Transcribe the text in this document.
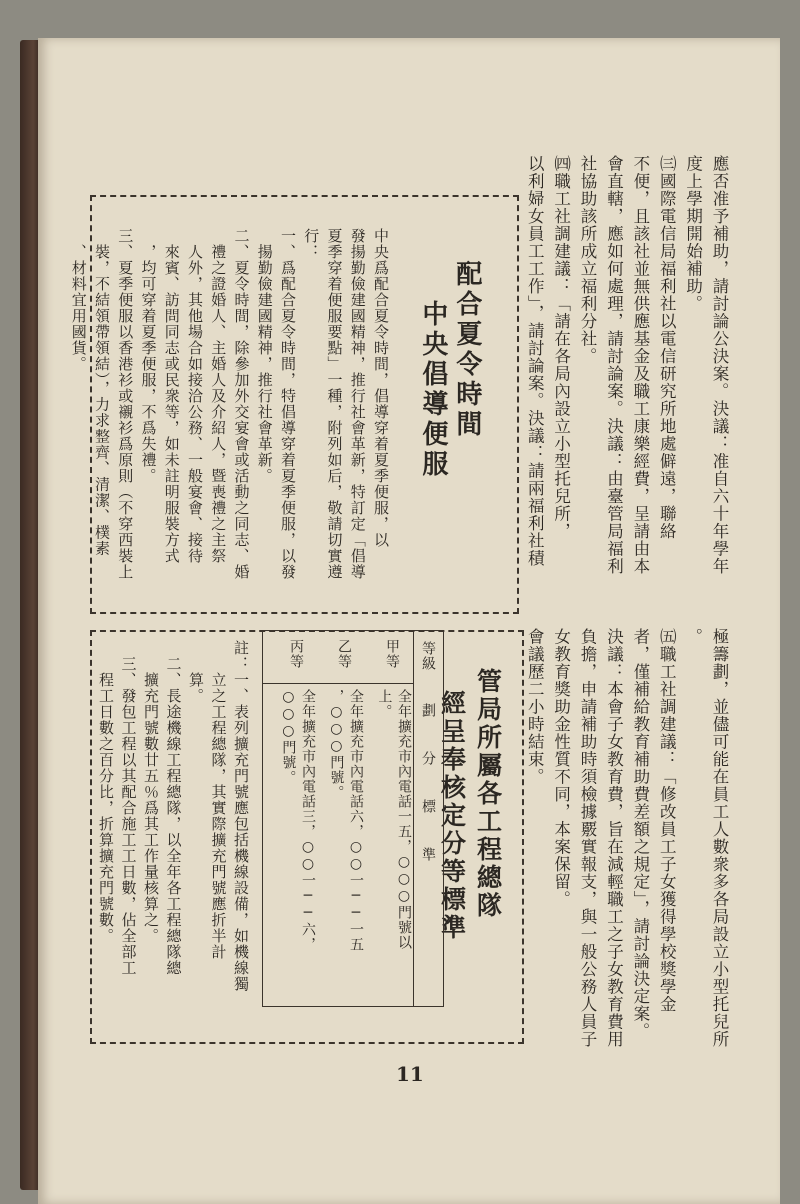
應否准予補助，請討論公決案。決議：准自六十年學年
度上學期開始補助。
㈢國際電信局福利社以電信研究所地處僻遠，聯絡
不便，且該社並無供應基金及職工康樂經費，呈請由本
會直轄，應如何處理，請討論案。決議：由臺管局福利
社協助該所成立福利分社。
㈣職工社調建議：「請在各局內設立小型托兒所，
以利婦女員工工作」，請討論案。決議：請兩福利社積
極籌劃，並儘可能在員工人數衆多各局設立小型托兒所
。
㈤職工社調建議：「修改員工子女獲得學校獎學金
者，僅補給教育補助費差額之規定」，請討論決定案。
決議：本會子女教育費，旨在減輕職工之子女教育費用
負擔，申請補助時須檢據覈實報支，與一般公務人員子
女教育獎助金性質不同，本案保留。
會議歷二小時結束。
配合夏令時間
中央倡導便服
中央爲配合夏令時間，倡導穿着夏季便服，以
發揚勤儉建國精神，推行社會革新，特訂定「倡導
夏季穿着便服要點」一種，附列如后，敬請切實遵
行：
一、爲配合夏令時間，特倡導穿着夏季便服，以發
　揚勤儉建國精神，推行社會革新。
二、夏令時間，除參加外交宴會或活動之同志、婚
　禮之證婚人、主婚人及介紹人，暨喪禮之主祭
　人外，其他場合如接洽公務、一般宴會、接待
　來賓、訪問同志或民衆等，如未註明服裝方式
　，均可穿着夏季便服，不爲失禮。
三、夏季便服以香港衫或襯衫爲原則（不穿西裝上
　裝，不結領帶領結），力求整齊、清潔、樸素
　、材料宜用國貨。
管局所屬各工程總隊
經呈奉核定分等標準
等級
劃　分　標　準
甲等
全年擴充市內電話一五，○○○門號以
上。
乙等
全年擴充市內電話六，○○一──一五
，○○○門號。
丙等
全年擴充市內電話三，○○一──六，
○○○門號。
註：一、表列擴充門號應包括機線設備，如機線獨
　　立之工程總隊，其實際擴充門號應折半計
　　算。
　二、長途機線工程總隊，以全年各工程總隊總
　　擴充門號數廿五％爲其工作量核算之。
　三、發包工程以其配合施工工日數，佔全部工
　　程工日數之百分比，折算擴充門號數。
11
